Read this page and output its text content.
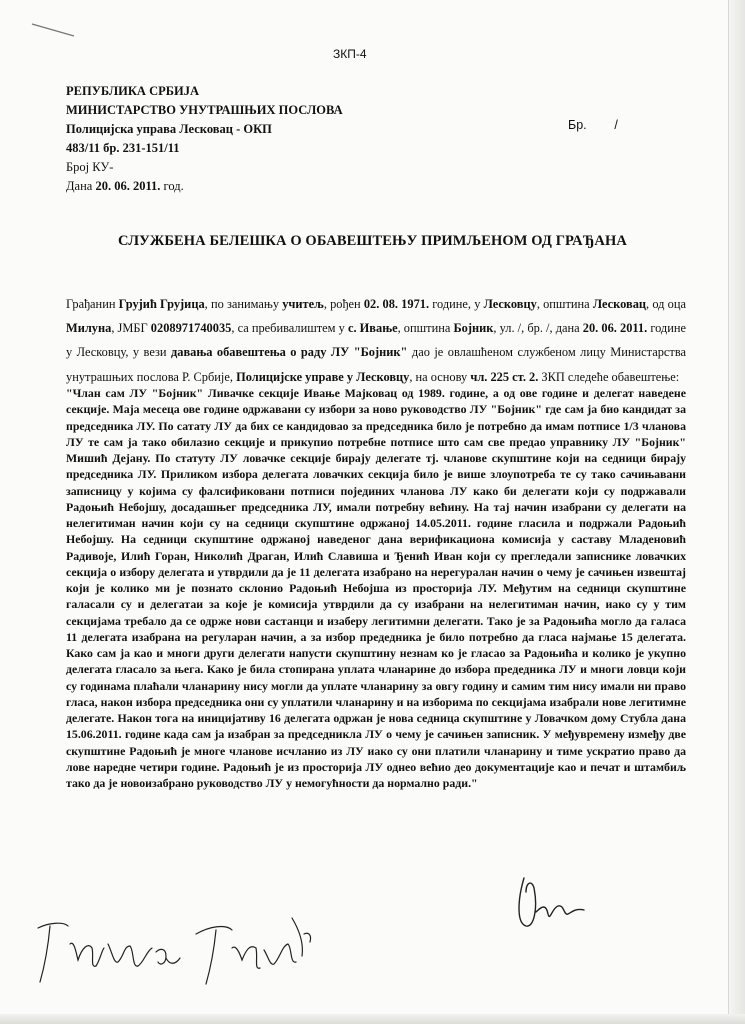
ЗКП-4
РЕПУБЛИКА СРБИЈА
МИНИСТАРСТВО УНУТРАШЊИХ ПОСЛОВА
Полицијска управа Лесковац - ОКП
483/11 бр. 231-151/11
Број КУ-
Дана 20. 06. 2011. год.
Бр.        /
СЛУЖБЕНА БЕЛЕШКА О ОБАВЕШТЕЊУ ПРИМЉЕНОМ ОД ГРАЂАНА
Грађанин Грујић Грујица, по занимању учитељ, рођен 02. 08. 1971. године, у Лесковцу, општина Лесковац, од оца Милуна, ЈМБГ 0208971740035, са пребивалиштем у с. Ивање, општина Бојник, ул. /, бр. /, дана 20. 06. 2011. године у Лесковцу, у вези давања обавештења о раду ЛУ "Бојник" дао је овлашћеном службеном лицу Министарства унутрашњих послова Р. Србије, Полицијске управе у Лесковцу, на основу чл. 225 ст. 2. ЗКП следеће обавештење:
"Члан сам ЛУ "Бојник" Ливачке секције Ивање Мајковац од 1989. године, а од ове године и делегат наведене секције. Маја месеца ове године одржавани су избори за ново руководство ЛУ "Бојник" где сам ја био кандидат за председника ЛУ. По сатату ЛУ да бих се кандидовао за председника било је потребно да имам потписе 1/3 чланова ЛУ те сам ја тако обилазио секције и прикупио потребне потписе што сам све предао управнику ЛУ "Бојник" Мишић Дејану. По статуту ЛУ ловачке секције бирају делегате тј. чланове скупштине који на седници бирају председника ЛУ. Приликом избора делегата ловачких секција било је више злоупотреба те су тако сачињавани записницу у којима су фалсификовани потписи појединих чланова ЛУ како би делегати који су подржавали Радоњић Небојшу, досадашњег председника ЛУ, имали потребну већину. На тај начин изабрани су делегати на нелегитиман начин који су на седници скупштине одржаној 14.05.2011. године гласила и подржали Радоњић Небојшу. На седници скупштине одржаној наведеног дана верификациона комисија у саставу Младеновић Радивоје, Илић Горан, Николић Драган, Илић Славиша и Ђенић Иван који су прегледали записнике ловачких секција о избору делегата и утврдили да је 11 делегата изабрано на нерегуралан начин о чему је сачињен извештај који је колико ми је познато склонио Радоњић Небојша из просторија ЛУ. Међутим на седници скупштине галасали су и делегатаи за које је комисија утврдили да су изабрани на нелегитиман начин, иако су у тим секцијама требало да се одрже нови састанци и изаберу легитимни делегати. Тако је за Радоњића могло да галаса 11 делегата изабрана на регуларан начин, а за избор предедника је било потребно да гласа најмање 15 делегата. Како сам ја као и многи други делегати напусти скупштину незнам ко је гласао за Радоњића и колико је укупно делегата гласало за њега. Како је била стопирана уплата чланарине до избора предедника ЛУ и многи ловци који су годинама плаћали чланарину нису могли да уплате чланарину за овгу годину и самим тим нису имали ни право гласа, након избора председника они су уплатили чланарину и на изборима по секцијама изабрали нове легитимне делегате. Након тога на иницијативу 16 делегата одржан је нова седница скупштине у Ловачком дому Стубла дана 15.06.2011. године када сам ја изабран за председникла ЛУ о чему је сачињен записник. У међувремену између две скупштине Радоњић је многе чланове исчланио из ЛУ иако су они платили чланарину и тиме ускратио право да лове наредне четири године. Радоњић је из просторија ЛУ однео већио део документације као и печат и штамбиљ тако да је новоизабрано руководство ЛУ у немогућности да нормално ради."
